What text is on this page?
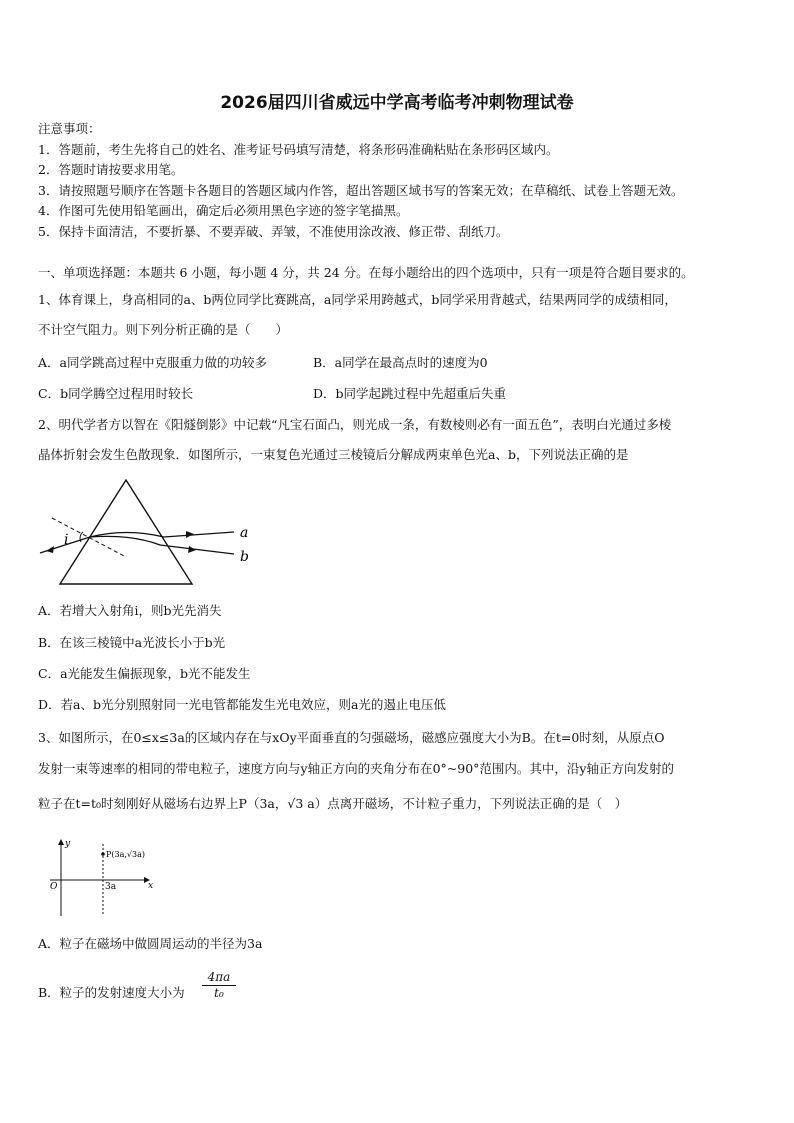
2026届四川省威远中学高考临考冲刺物理试卷
注意事项：
1．答题前，考生先将自己的姓名、准考证号码填写清楚，将条形码准确粘贴在条形码区域内。
2．答题时请按要求用笔。
3．请按照题号顺序在答题卡各题目的答题区域内作答，超出答题区域书写的答案无效；在草稿纸、试卷上答题无效。
4．作图可先使用铅笔画出，确定后必须用黑色字迹的签字笔描黑。
5．保持卡面清洁，不要折暴、不要弄破、弄皱，不准使用涂改液、修正带、刮纸刀。
一、单项选择题：本题共 6 小题，每小题 4 分，共 24 分。在每小题给出的四个选项中，只有一项是符合题目要求的。
1、体育课上，身高相同的a、b两位同学比赛跳高，a同学采用跨越式，b同学采用背越式，结果两同学的成绩相同，
不计空气阻力。则下列分析正确的是（　　）
A．a同学跳高过程中克服重力做的功较多	B．a同学在最高点时的速度为0
C．b同学腾空过程用时较长	D．b同学起跳过程中先超重后失重
2、明代学者方以智在《阳燧倒影》中记载“凡宝石面凸，则光成一条，有数棱则必有一面五色”，表明白光通过多棱
晶体折射会发生色散现象．如图所示，一束复色光通过三棱镜后分解成两束单色光a、b，下列说法正确的是
i	a
b
A．若增大入射角i，则b光先消失
B．在该三棱镜中a光波长小于b光
C．a光能发生偏振现象，b光不能发生
D．若a、b光分别照射同一光电管都能发生光电效应，则a光的遏止电压低
3、如图所示，在0≤x≤3a的区域内存在与xOy平面垂直的匀强磁场，磁感应强度大小为B。在t=0时刻，从原点O
发射一束等速率的相同的带电粒子，速度方向与y轴正方向的夹角分布在0°~90°范围内。其中，沿y轴正方向发射的
粒子在t=t₀时刻刚好从磁场右边界上P（3a，√3 a）点离开磁场，不计粒子重力，下列说法正确的是（　）
y
x
O	3a
P(3a,√3a)
A．粒子在磁场中做圆周运动的半径为3a
B．粒子的发射速度大小为 $\frac{4\pi a}{\text{t₀}}$
